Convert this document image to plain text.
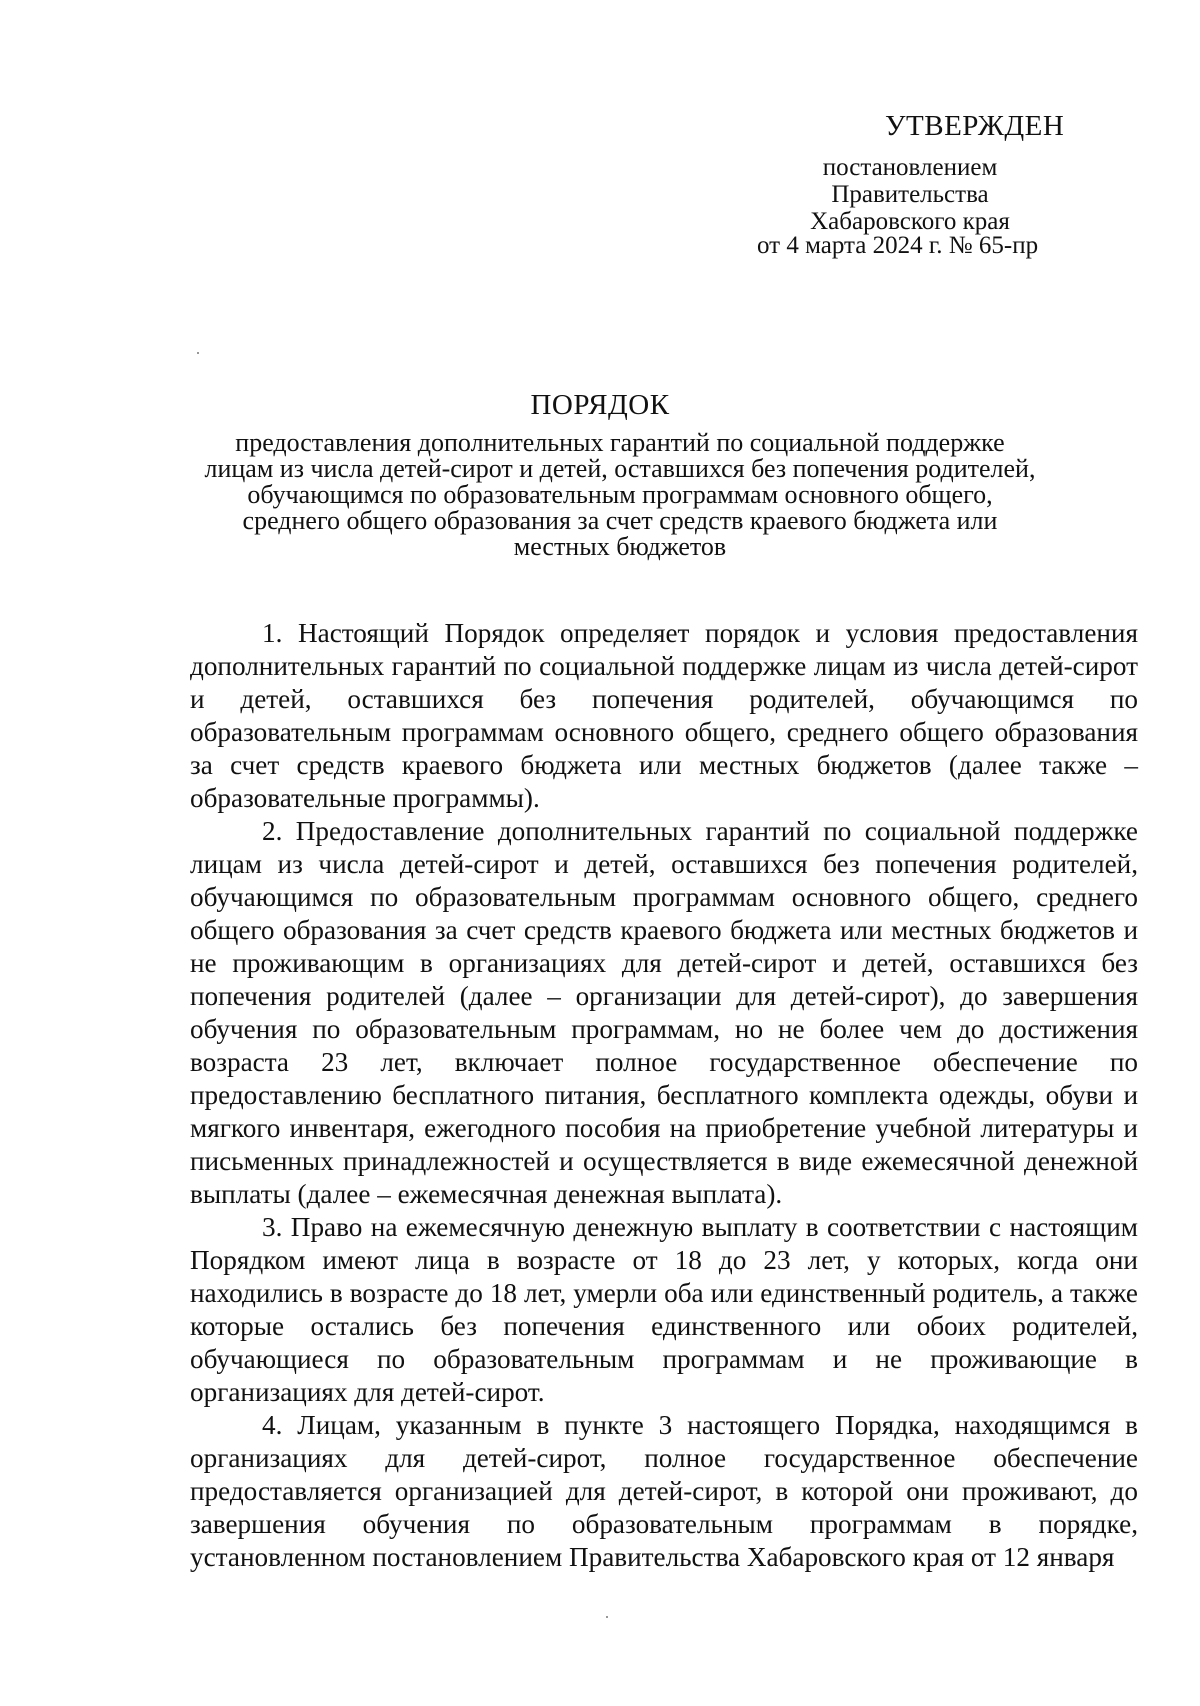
УТВЕРЖДЕН
постановлением
Правительства
Хабаровского края
от 4 марта 2024 г. № 65-пр
ПОРЯДОК
предоставления дополнительных гарантий по социальной поддержке
лицам из числа детей-сирот и детей, оставшихся без попечения родителей,
обучающимся по образовательным программам основного общего,
среднего общего образования за счет средств краевого бюджета или
местных бюджетов

1. Настоящий Порядок определяет порядок и условия предоставления дополнительных гарантий по социальной поддержке лицам из числа детей-сирот и детей, оставшихся без попечения родителей, обучающимся по образовательным программам основного общего, среднего общего образования за счет средств краевого бюджета или местных бюджетов (далее также – образовательные программы).

2. Предоставление дополнительных гарантий по социальной поддержке лицам из числа детей-сирот и детей, оставшихся без попечения родителей, обучающимся по образовательным программам основного общего, среднего общего образования за счет средств краевого бюджета или местных бюджетов и не проживающим в организациях для детей-сирот и детей, оставшихся без попечения родителей (далее – организации для детей-сирот), до завершения обучения по образовательным программам, но не более чем до достижения возраста 23 лет, включает полное государственное обеспечение по предоставлению бесплатного питания, бесплатного комплекта одежды, обуви и мягкого инвентаря, ежегодного пособия на приобретение учебной литературы и письменных принадлежностей и осуществляется в виде ежемесячной денежной выплаты (далее – ежемесячная денежная выплата).

3. Право на ежемесячную денежную выплату в соответствии с настоящим Порядком имеют лица в возрасте от 18 до 23 лет, у которых, когда они находились в возрасте до 18 лет, умерли оба или единственный родитель, а также которые остались без попечения единственного или обоих родителей, обучающиеся по образовательным программам и не проживающие в организациях для детей-сирот.

4. Лицам, указанным в пункте 3 настоящего Порядка, находящимся в организациях для детей-сирот, полное государственное обеспечение предоставляется организацией для детей-сирот, в которой они проживают, до завершения обучения по образовательным программам в порядке, установленном постановлением Правительства Хабаровского края от 12 января
